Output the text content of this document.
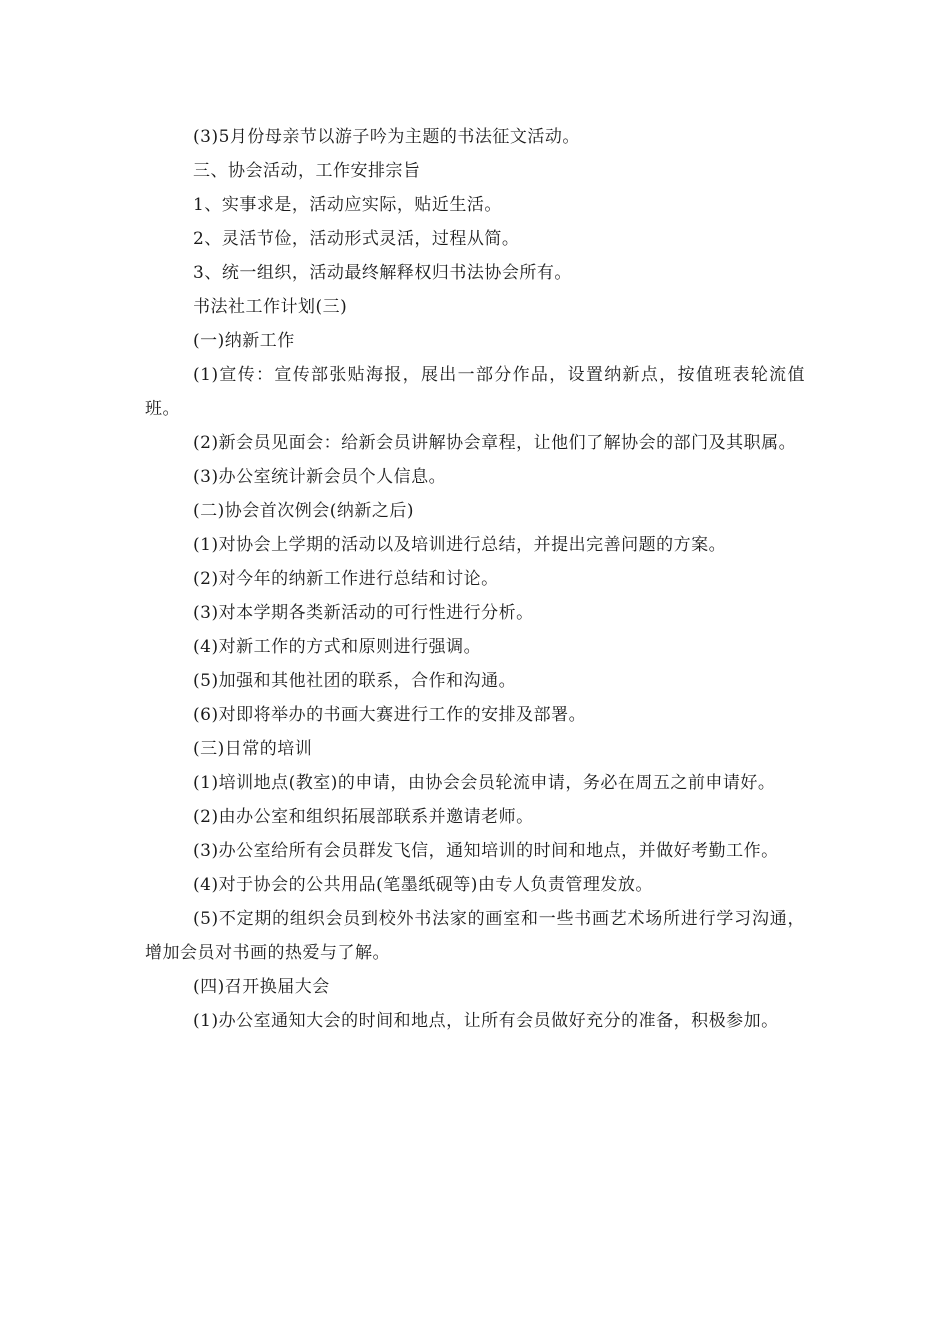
(3)5月份母亲节以游子吟为主题的书法征文活动。

三、协会活动，工作安排宗旨

1、实事求是，活动应实际，贴近生活。

2、灵活节俭，活动形式灵活，过程从简。

3、统一组织，活动最终解释权归书法协会所有。

书法社工作计划(三)

(一)纳新工作

(1)宣传：宣传部张贴海报，展出一部分作品，设置纳新点，按值班表轮流值班。

(2)新会员见面会：给新会员讲解协会章程，让他们了解协会的部门及其职属。

(3)办公室统计新会员个人信息。

(二)协会首次例会(纳新之后)

(1)对协会上学期的活动以及培训进行总结，并提出完善问题的方案。

(2)对今年的纳新工作进行总结和讨论。

(3)对本学期各类新活动的可行性进行分析。

(4)对新工作的方式和原则进行强调。

(5)加强和其他社团的联系，合作和沟通。

(6)对即将举办的书画大赛进行工作的安排及部署。

(三)日常的培训

(1)培训地点(教室)的申请，由协会会员轮流申请，务必在周五之前申请好。

(2)由办公室和组织拓展部联系并邀请老师。

(3)办公室给所有会员群发飞信，通知培训的时间和地点，并做好考勤工作。

(4)对于协会的公共用品(笔墨纸砚等)由专人负责管理发放。

(5)不定期的组织会员到校外书法家的画室和一些书画艺术场所进行学习沟通，增加会员对书画的热爱与了解。

(四)召开换届大会

(1)办公室通知大会的时间和地点，让所有会员做好充分的准备，积极参加。
